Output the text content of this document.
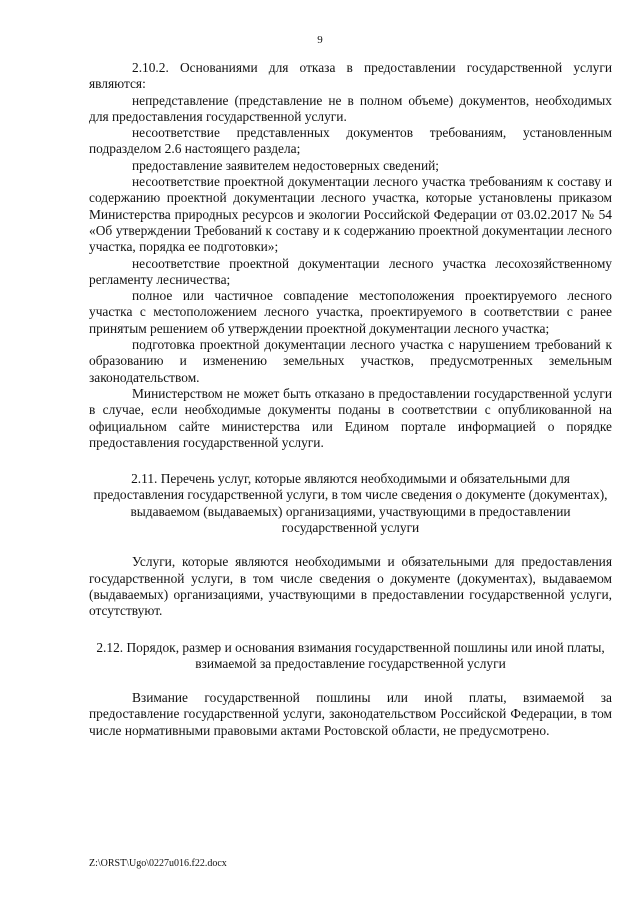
9

2.10.2. Основаниями для отказа в предоставлении государственной услуги являются:

непредставление (представление не в полном объеме) документов, необходимых для предоставления государственной услуги.

несоответствие представленных документов требованиям, установленным подразделом 2.6 настоящего раздела;

предоставление заявителем недостоверных сведений;

несоответствие проектной документации лесного участка требованиям к составу и содержанию проектной документации лесного участка, которые установлены приказом Министерства природных ресурсов и экологии Российской Федерации от 03.02.2017 № 54 «Об утверждении Требований к составу и к содержанию проектной документации лесного участка, порядка ее подготовки»;

несоответствие проектной документации лесного участка лесохозяйственному регламенту лесничества;

полное или частичное совпадение местоположения проектируемого лесного участка с местоположением лесного участка, проектируемого в соответствии с ранее принятым решением об утверждении проектной документации лесного участка;

подготовка проектной документации лесного участка с нарушением требований к образованию и изменению земельных участков, предусмотренных земельным законодательством.

Министерством не может быть отказано в предоставлении государственной услуги в случае, если необходимые документы поданы в соответствии с опубликованной на официальном сайте министерства или Едином портале информацией о порядке предоставления государственной услуги.

2.11. Перечень услуг, которые являются необходимыми и обязательными для предоставления государственной услуги, в том числе сведения о документе (документах), выдаваемом (выдаваемых) организациями, участвующими в предоставлении государственной услуги

Услуги, которые являются необходимыми и обязательными для предоставления государственной услуги, в том числе сведения о документе (документах), выдаваемом (выдаваемых) организациями, участвующими в предоставлении государственной услуги, отсутствуют.

2.12. Порядок, размер и основания взимания государственной пошлины или иной платы, взимаемой за предоставление государственной услуги

Взимание государственной пошлины или иной платы, взимаемой за предоставление государственной услуги, законодательством Российской Федерации, в том числе нормативными правовыми актами Ростовской области, не предусмотрено.

Z:\ORST\Ugo\0227u016.f22.docx
